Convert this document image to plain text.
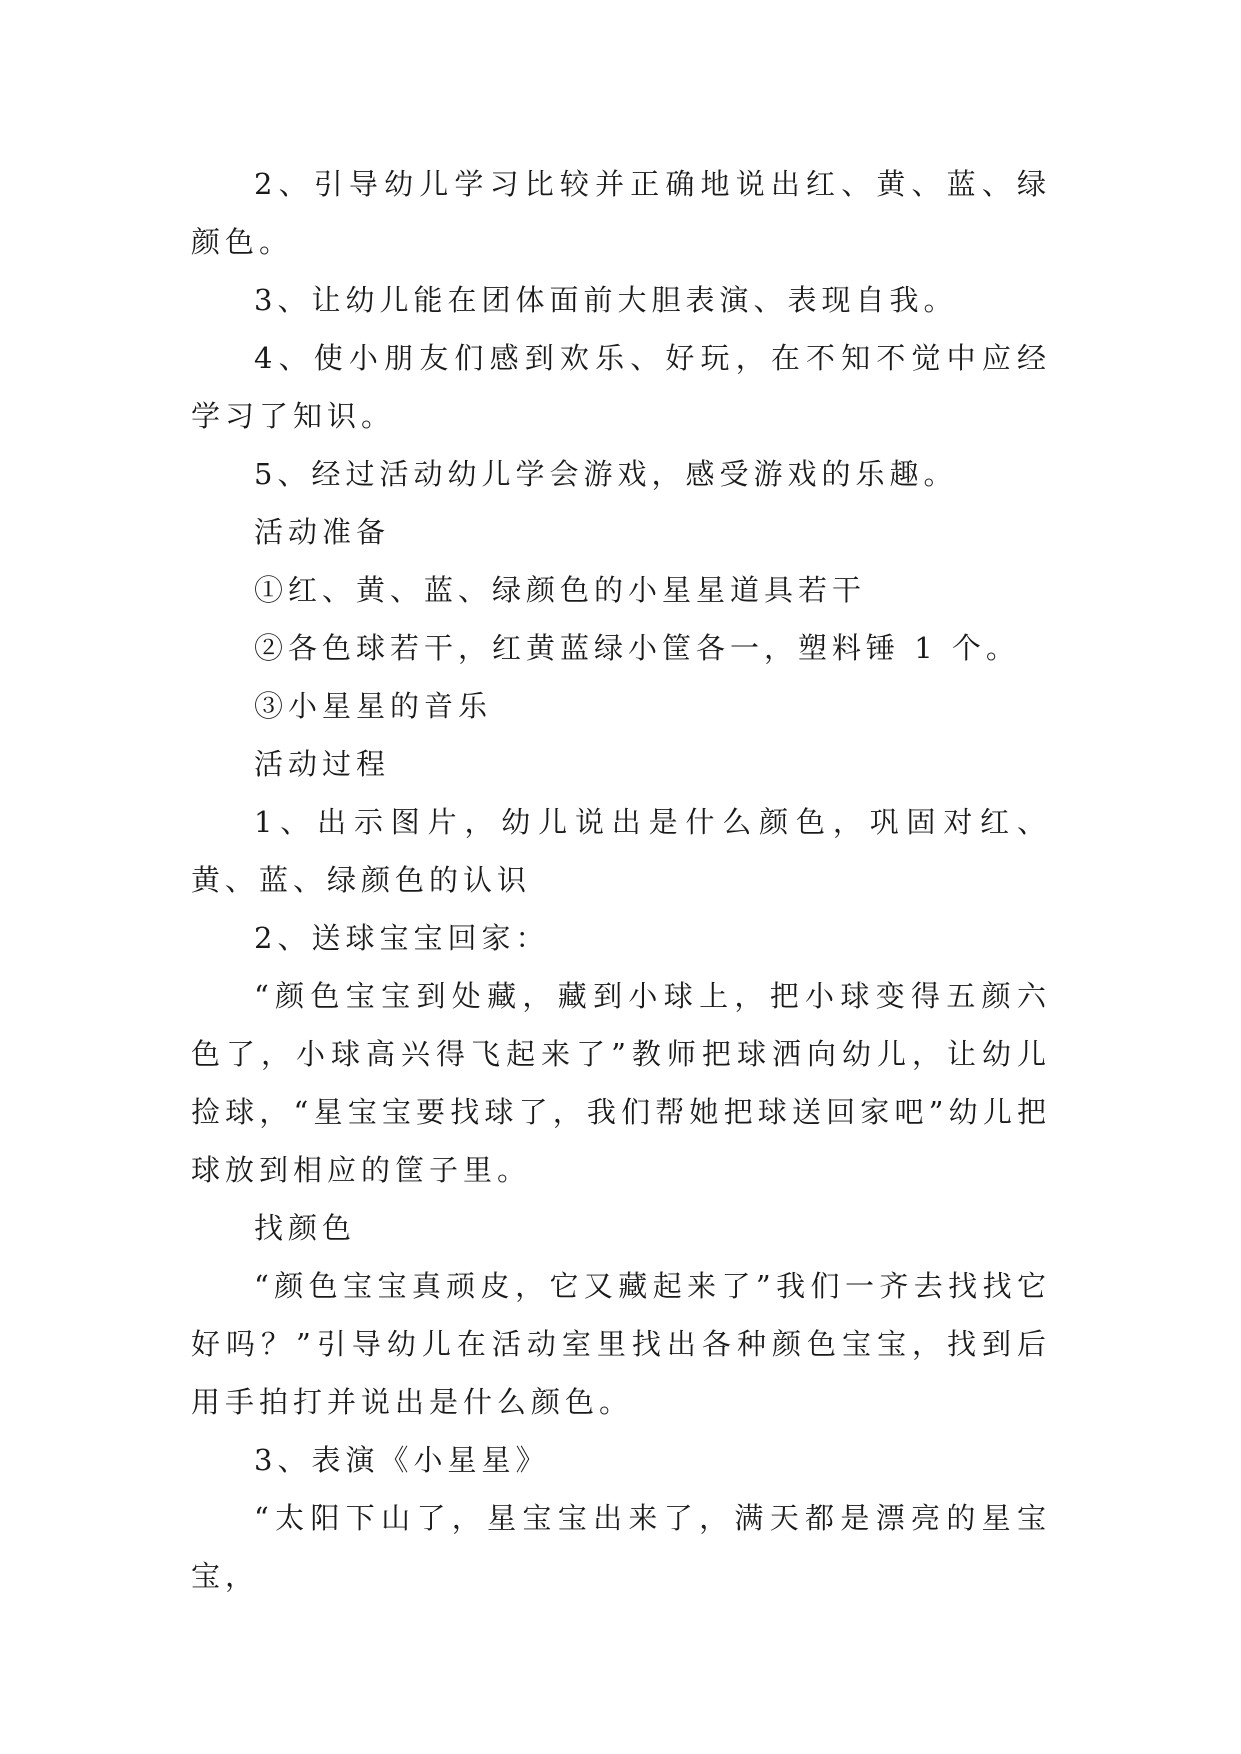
2、引导幼儿学习比较并正确地说出红、黄、蓝、绿颜色。

3、让幼儿能在团体面前大胆表演、表现自我。

4、使小朋友们感到欢乐、好玩，在不知不觉中应经学习了知识。

5、经过活动幼儿学会游戏，感受游戏的乐趣。

活动准备

①红、黄、蓝、绿颜色的小星星道具若干

②各色球若干，红黄蓝绿小筐各一，塑料锤 1 个。

③小星星的音乐

活动过程

1、出示图片，幼儿说出是什么颜色，巩固对红、黄、蓝、绿颜色的认识

2、送球宝宝回家：

“颜色宝宝到处藏，藏到小球上，把小球变得五颜六色了，小球高兴得飞起来了”教师把球洒向幼儿，让幼儿捡球，“星宝宝要找球了，我们帮她把球送回家吧”幼儿把球放到相应的筐子里。

找颜色

“颜色宝宝真顽皮，它又藏起来了”我们一齐去找找它好吗？”引导幼儿在活动室里找出各种颜色宝宝，找到后用手拍打并说出是什么颜色。

3、表演《小星星》

“太阳下山了，星宝宝出来了，满天都是漂亮的星宝宝，
